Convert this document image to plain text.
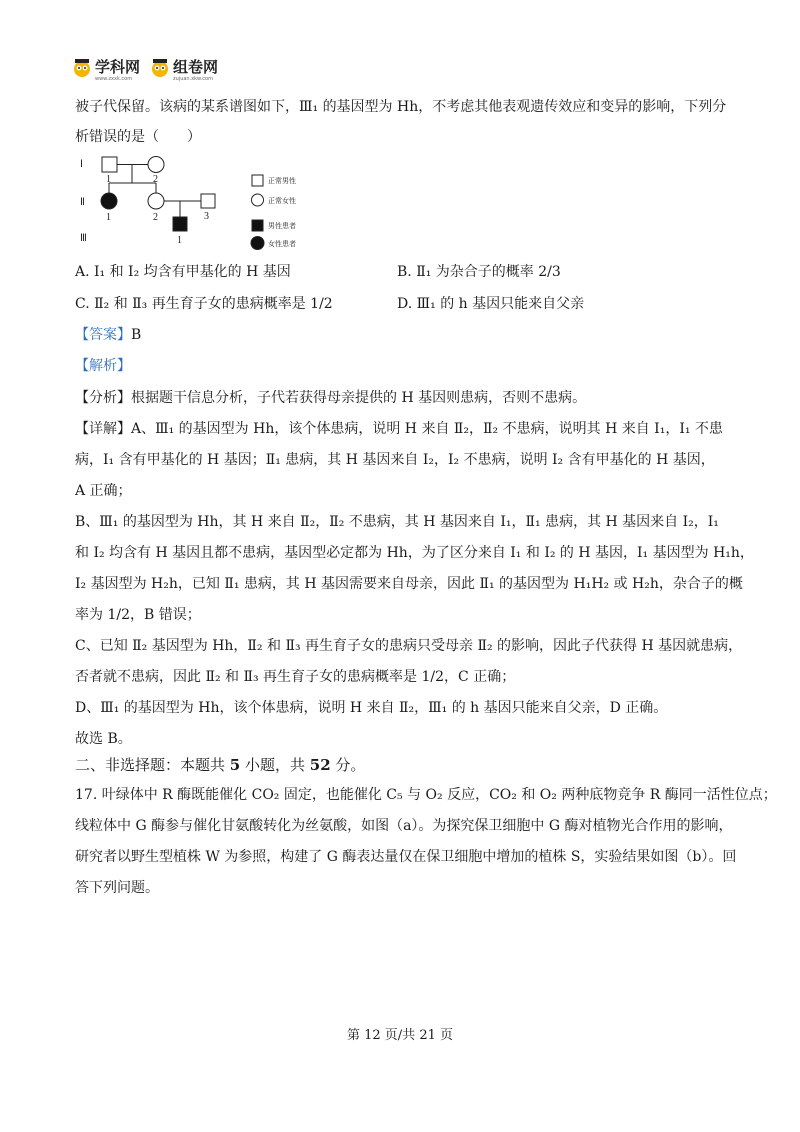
学科网
www.zxxk.com
组卷网
zujuan.xkw.com
被子代保留。该病的某系谱图如下，Ⅲ₁ 的基因型为 Hh，不考虑其他表观遗传效应和变异的影响，下列分
析错误的是（　　）
Ⅰ
Ⅱ
Ⅲ
1	2
1	2	3
1
正常男性
正常女性
男性患者
女性患者
A. Ⅰ₁ 和 Ⅰ₂ 均含有甲基化的 H 基因	B. Ⅱ₁ 为杂合子的概率 2/3
C. Ⅱ₂ 和 Ⅱ₃ 再生育子女的患病概率是 1/2	D. Ⅲ₁ 的 h 基因只能来自父亲
【答案】B
【解析】
【分析】根据题干信息分析，子代若获得母亲提供的 H 基因则患病，否则不患病。
【详解】A、Ⅲ₁ 的基因型为 Hh，该个体患病，说明 H 来自 Ⅱ₂，Ⅱ₂ 不患病，说明其 H 来自 Ⅰ₁，Ⅰ₁ 不患
病，Ⅰ₁ 含有甲基化的 H 基因；Ⅱ₁ 患病，其 H 基因来自 Ⅰ₂，Ⅰ₂ 不患病，说明 Ⅰ₂ 含有甲基化的 H 基因，
A 正确；
B、Ⅲ₁ 的基因型为 Hh，其 H 来自 Ⅱ₂，Ⅱ₂ 不患病，其 H 基因来自 Ⅰ₁，Ⅱ₁ 患病，其 H 基因来自 Ⅰ₂，Ⅰ₁
和 Ⅰ₂ 均含有 H 基因且都不患病，基因型必定都为 Hh，为了区分来自 Ⅰ₁ 和 Ⅰ₂ 的 H 基因，Ⅰ₁ 基因型为 H₁h，
Ⅰ₂ 基因型为 H₂h，已知 Ⅱ₁ 患病，其 H 基因需要来自母亲，因此 Ⅱ₁ 的基因型为 H₁H₂ 或 H₂h，杂合子的概
率为 1/2，B 错误；
C、已知 Ⅱ₂ 基因型为 Hh，Ⅱ₂ 和 Ⅱ₃ 再生育子女的患病只受母亲 Ⅱ₂ 的影响，因此子代获得 H 基因就患病，
否者就不患病，因此 Ⅱ₂ 和 Ⅱ₃ 再生育子女的患病概率是 1/2，C 正确；
D、Ⅲ₁ 的基因型为 Hh，该个体患病，说明 H 来自 Ⅱ₂，Ⅲ₁ 的 h 基因只能来自父亲，D 正确。
故选 B。
二、非选择题：本题共 5 小题，共 52 分。
17. 叶绿体中 R 酶既能催化 CO₂ 固定，也能催化 C₅ 与 O₂ 反应，CO₂ 和 O₂ 两种底物竞争 R 酶同一活性位点；
线粒体中 G 酶参与催化甘氨酸转化为丝氨酸，如图（a）。为探究保卫细胞中 G 酶对植物光合作用的影响，
研究者以野生型植株 W 为参照，构建了 G 酶表达量仅在保卫细胞中增加的植株 S，实验结果如图（b）。回
答下列问题。
第 12 页/共 21 页
